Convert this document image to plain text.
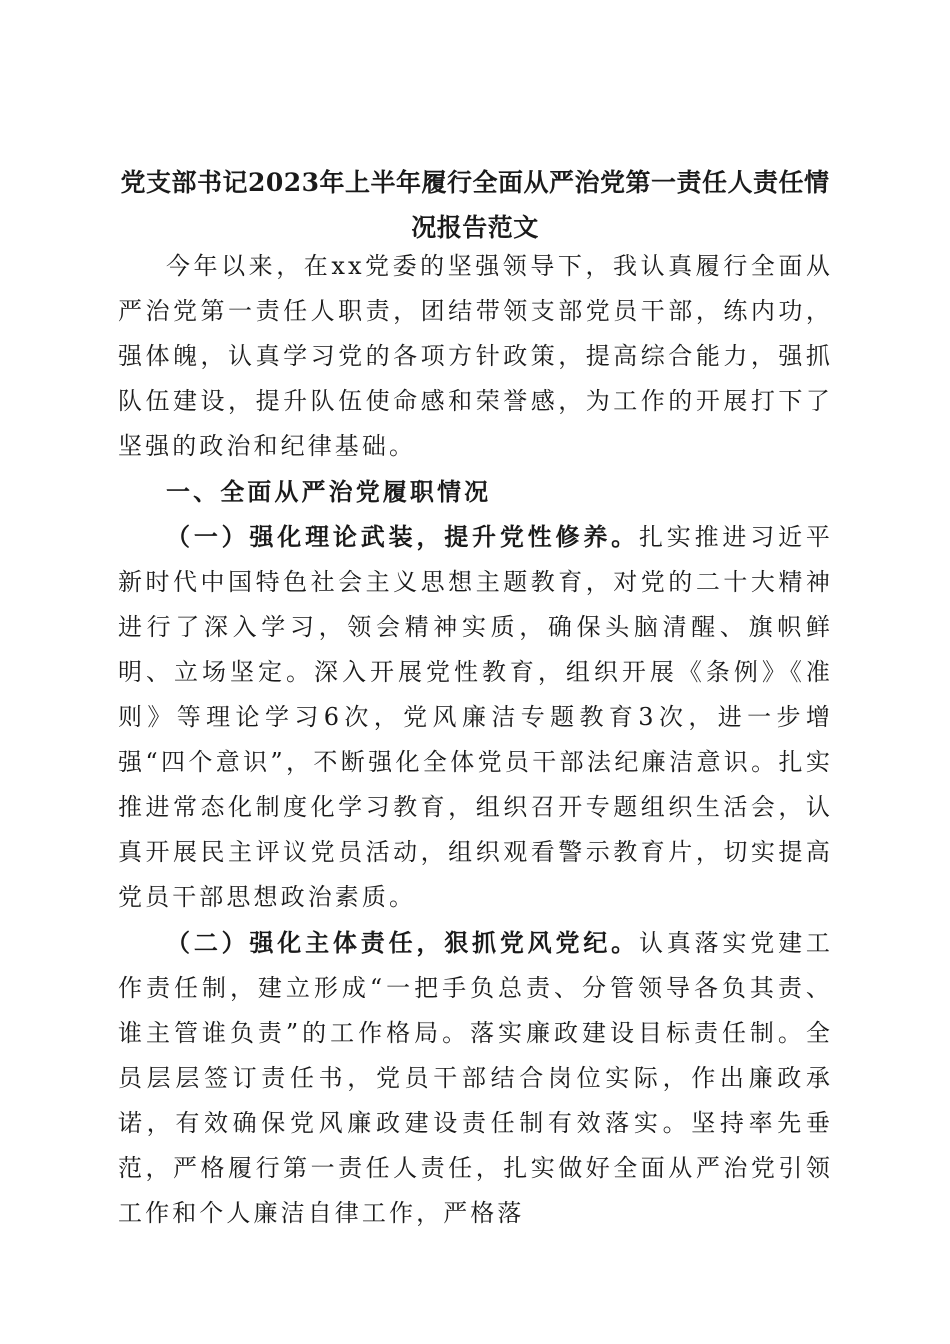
党支部书记2023年上半年履行全面从严治党第一责任人责任情况报告范文

今年以来，在xx党委的坚强领导下，我认真履行全面从严治党第一责任人职责，团结带领支部党员干部，练内功，强体魄，认真学习党的各项方针政策，提高综合能力，强抓队伍建设，提升队伍使命感和荣誉感，为工作的开展打下了坚强的政治和纪律基础。

一、全面从严治党履职情况

（一）强化理论武装，提升党性修养。扎实推进习近平新时代中国特色社会主义思想主题教育，对党的二十大精神进行了深入学习，领会精神实质，确保头脑清醒、旗帜鲜明、立场坚定。深入开展党性教育，组织开展《条例》《准则》等理论学习6次，党风廉洁专题教育3次，进一步增强“四个意识”，不断强化全体党员干部法纪廉洁意识。扎实推进常态化制度化学习教育，组织召开专题组织生活会，认真开展民主评议党员活动，组织观看警示教育片，切实提高党员干部思想政治素质。

（二）强化主体责任，狠抓党风党纪。认真落实党建工作责任制，建立形成“一把手负总责、分管领导各负其责、谁主管谁负责”的工作格局。落实廉政建设目标责任制。全员层层签订责任书，党员干部结合岗位实际，作出廉政承诺，有效确保党风廉政建设责任制有效落实。坚持率先垂范，严格履行第一责任人责任，扎实做好全面从严治党引领工作和个人廉洁自律工作，严格落
